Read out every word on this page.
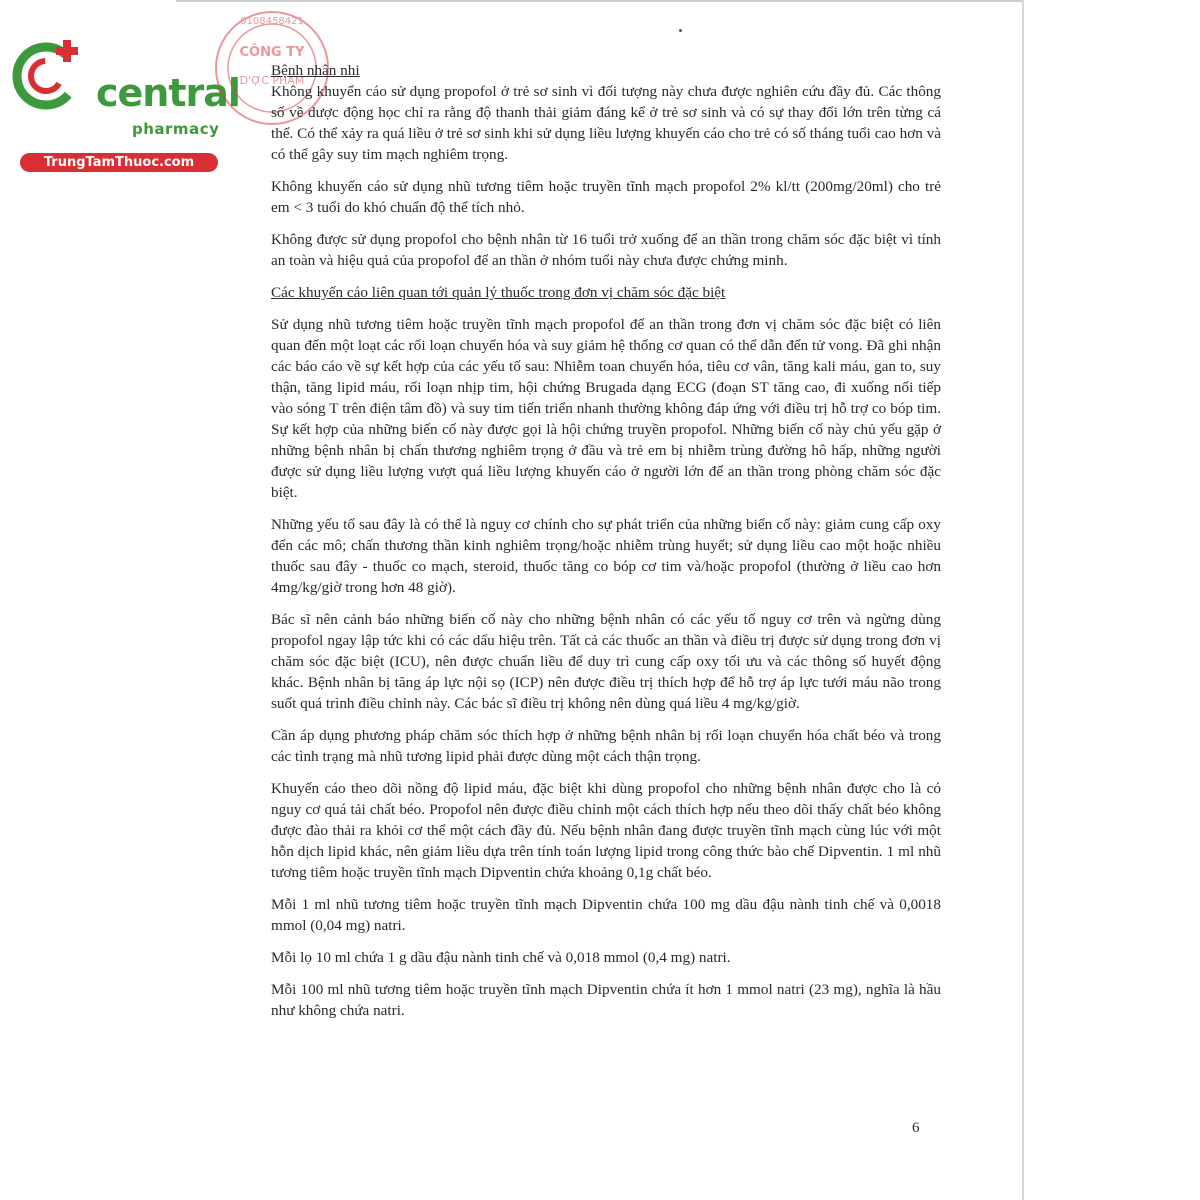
central
pharmacy
TrungTamThuoc.com
0108458421
CÔNG TY
D'ỢC PHẨM
Bệnh nhân nhi

Không khuyến cáo sử dụng propofol ở trẻ sơ sinh vì đối tượng này chưa được nghiên cứu đầy đủ. Các thông số về dược động học chỉ ra rằng độ thanh thải giảm đáng kể ở trẻ sơ sinh và có sự thay đổi lớn trên từng cá thể. Có thể xảy ra quá liều ở trẻ sơ sinh khi sử dụng liều lượng khuyến cáo cho trẻ có số tháng tuổi cao hơn và có thể gây suy tim mạch nghiêm trọng.

Không khuyến cáo sử dụng nhũ tương tiêm hoặc truyền tĩnh mạch propofol 2% kl/tt (200mg/20ml) cho trẻ em < 3 tuổi do khó chuẩn độ thể tích nhỏ.

Không được sử dụng propofol cho bệnh nhân từ 16 tuổi trở xuống để an thần trong chăm sóc đặc biệt vì tính an toàn và hiệu quả của propofol để an thần ở nhóm tuổi này chưa được chứng minh.

Các khuyến cáo liên quan tới quản lý thuốc trong đơn vị chăm sóc đặc biệt

Sử dụng nhũ tương tiêm hoặc truyền tĩnh mạch propofol để an thần trong đơn vị chăm sóc đặc biệt có liên quan đến một loạt các rối loạn chuyển hóa và suy giảm hệ thống cơ quan có thể dẫn đến tử vong. Đã ghi nhận các báo cáo về sự kết hợp của các yếu tố sau: Nhiễm toan chuyển hóa, tiêu cơ vân, tăng kali máu, gan to, suy thận, tăng lipid máu, rối loạn nhịp tim, hội chứng Brugada dạng ECG (đoạn ST tăng cao, đi xuống nối tiếp vào sóng T trên điện tâm đồ) và suy tim tiến triển nhanh thường không đáp ứng với điều trị hỗ trợ co bóp tim. Sự kết hợp của những biến cố này được gọi là hội chứng truyền propofol. Những biến cố này chủ yếu gặp ở những bệnh nhân bị chấn thương nghiêm trọng ở đầu và trẻ em bị nhiễm trùng đường hô hấp, những người được sử dụng liều lượng vượt quá liều lượng khuyến cáo ở người lớn để an thần trong phòng chăm sóc đặc biệt.

Những yếu tố sau đây là có thể là nguy cơ chính cho sự phát triển của những biến cố này: giảm cung cấp oxy đến các mô; chấn thương thần kinh nghiêm trọng/hoặc nhiễm trùng huyết; sử dụng liều cao một hoặc nhiều thuốc sau đây - thuốc co mạch, steroid, thuốc tăng co bóp cơ tim và/hoặc propofol (thường ở liều cao hơn 4mg/kg/giờ trong hơn 48 giờ).

Bác sĩ nên cảnh báo những biến cố này cho những bệnh nhân có các yếu tố nguy cơ trên và ngừng dùng propofol ngay lập tức khi có các dấu hiệu trên. Tất cả các thuốc an thần và điều trị được sử dụng trong đơn vị chăm sóc đặc biệt (ICU), nên được chuẩn liều để duy trì cung cấp oxy tối ưu và các thông số huyết động khác. Bệnh nhân bị tăng áp lực nội sọ (ICP) nên được điều trị thích hợp để hỗ trợ áp lực tưới máu não trong suốt quá trình điều chỉnh này. Các bác sĩ điều trị không nên dùng quá liều 4 mg/kg/giờ.

Cần áp dụng phương pháp chăm sóc thích hợp ở những bệnh nhân bị rối loạn chuyển hóa chất béo và trong các tình trạng mà nhũ tương lipid phải được dùng một cách thận trọng.

Khuyến cáo theo dõi nồng độ lipid máu, đặc biệt khi dùng propofol cho những bệnh nhân được cho là có nguy cơ quá tải chất béo. Propofol nên được điều chỉnh một cách thích hợp nếu theo dõi thấy chất béo không được đào thải ra khỏi cơ thể một cách đầy đủ. Nếu bệnh nhân đang được truyền tĩnh mạch cùng lúc với một hỗn dịch lipid khác, nên giảm liều dựa trên tính toán lượng lipid trong công thức bào chế Dipventin. 1 ml nhũ tương tiêm hoặc truyền tĩnh mạch Dipventin chứa khoảng 0,1g chất béo.

Mỗi 1 ml nhũ tương tiêm hoặc truyền tĩnh mạch Dipventin chứa 100 mg dầu đậu nành tinh chế và 0,0018 mmol (0,04 mg) natri.

Mỗi lọ 10 ml chứa 1 g dầu đậu nành tinh chế và 0,018 mmol (0,4 mg) natri.

Mỗi 100 ml nhũ tương tiêm hoặc truyền tĩnh mạch Dipventin chứa ít hơn 1 mmol natri (23 mg), nghĩa là hầu như không chứa natri.

6
